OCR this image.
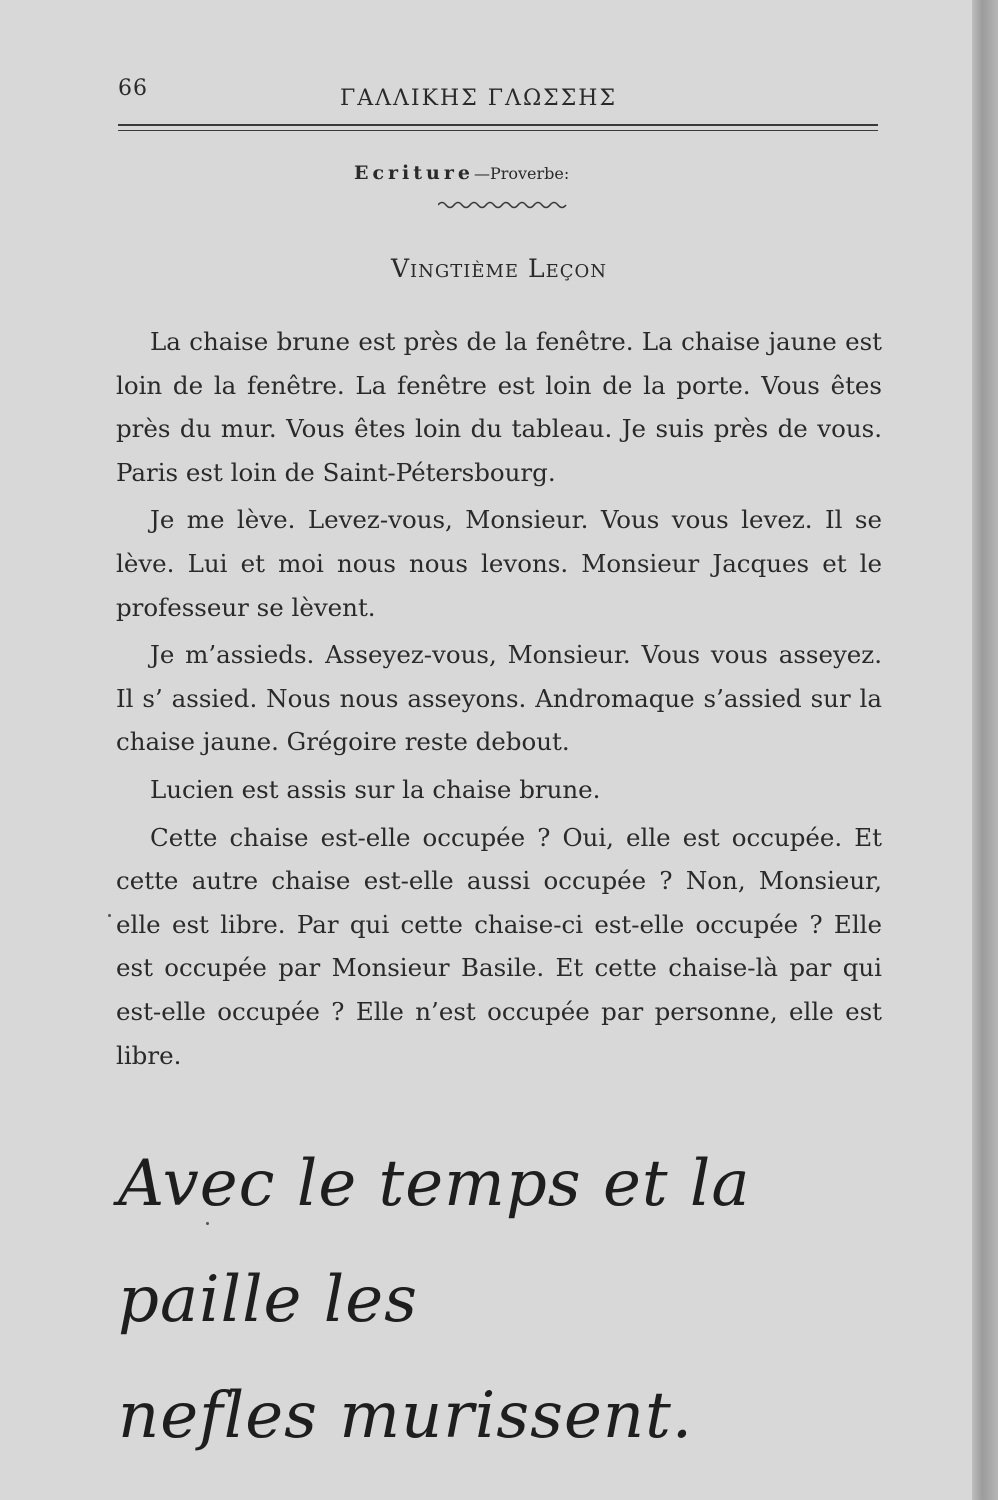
66	ΓΑΛΛΙΚΗΣ ΓΛΩΣΣΗΣ
Ecriture—Proverbe:
Vingtième Leçon

La chaise brune est près de la fenêtre. La chaise jaune est loin de la fenêtre. La fenêtre est loin de la porte. Vous êtes près du mur. Vous êtes loin du tableau. Je suis près de vous. Paris est loin de Saint-Pétersbourg.

Je me lève. Levez-vous, Monsieur. Vous vous levez. Il se lève. Lui et moi nous nous levons. Monsieur Jacques et le professeur se lèvent.

Je m’assieds. Asseyez-vous, Monsieur. Vous vous asseyez. Il s’ assied. Nous nous asseyons. Andromaque s’assied sur la chaise jaune. Grégoire reste debout.

Lucien est assis sur la chaise brune.

Cette chaise est-elle occupée ? Oui, elle est occupée. Et cette autre chaise est-elle aussi occupée ? Non, Monsieur, elle est libre. Par qui cette chaise-ci est-elle occupée ? Elle est occupée par Monsieur Basile. Et cette chaise-là par qui est-elle occupée ? Elle n’est occupée par personne, elle est libre.

Avec le temps et la paille les
nefles murissent.
